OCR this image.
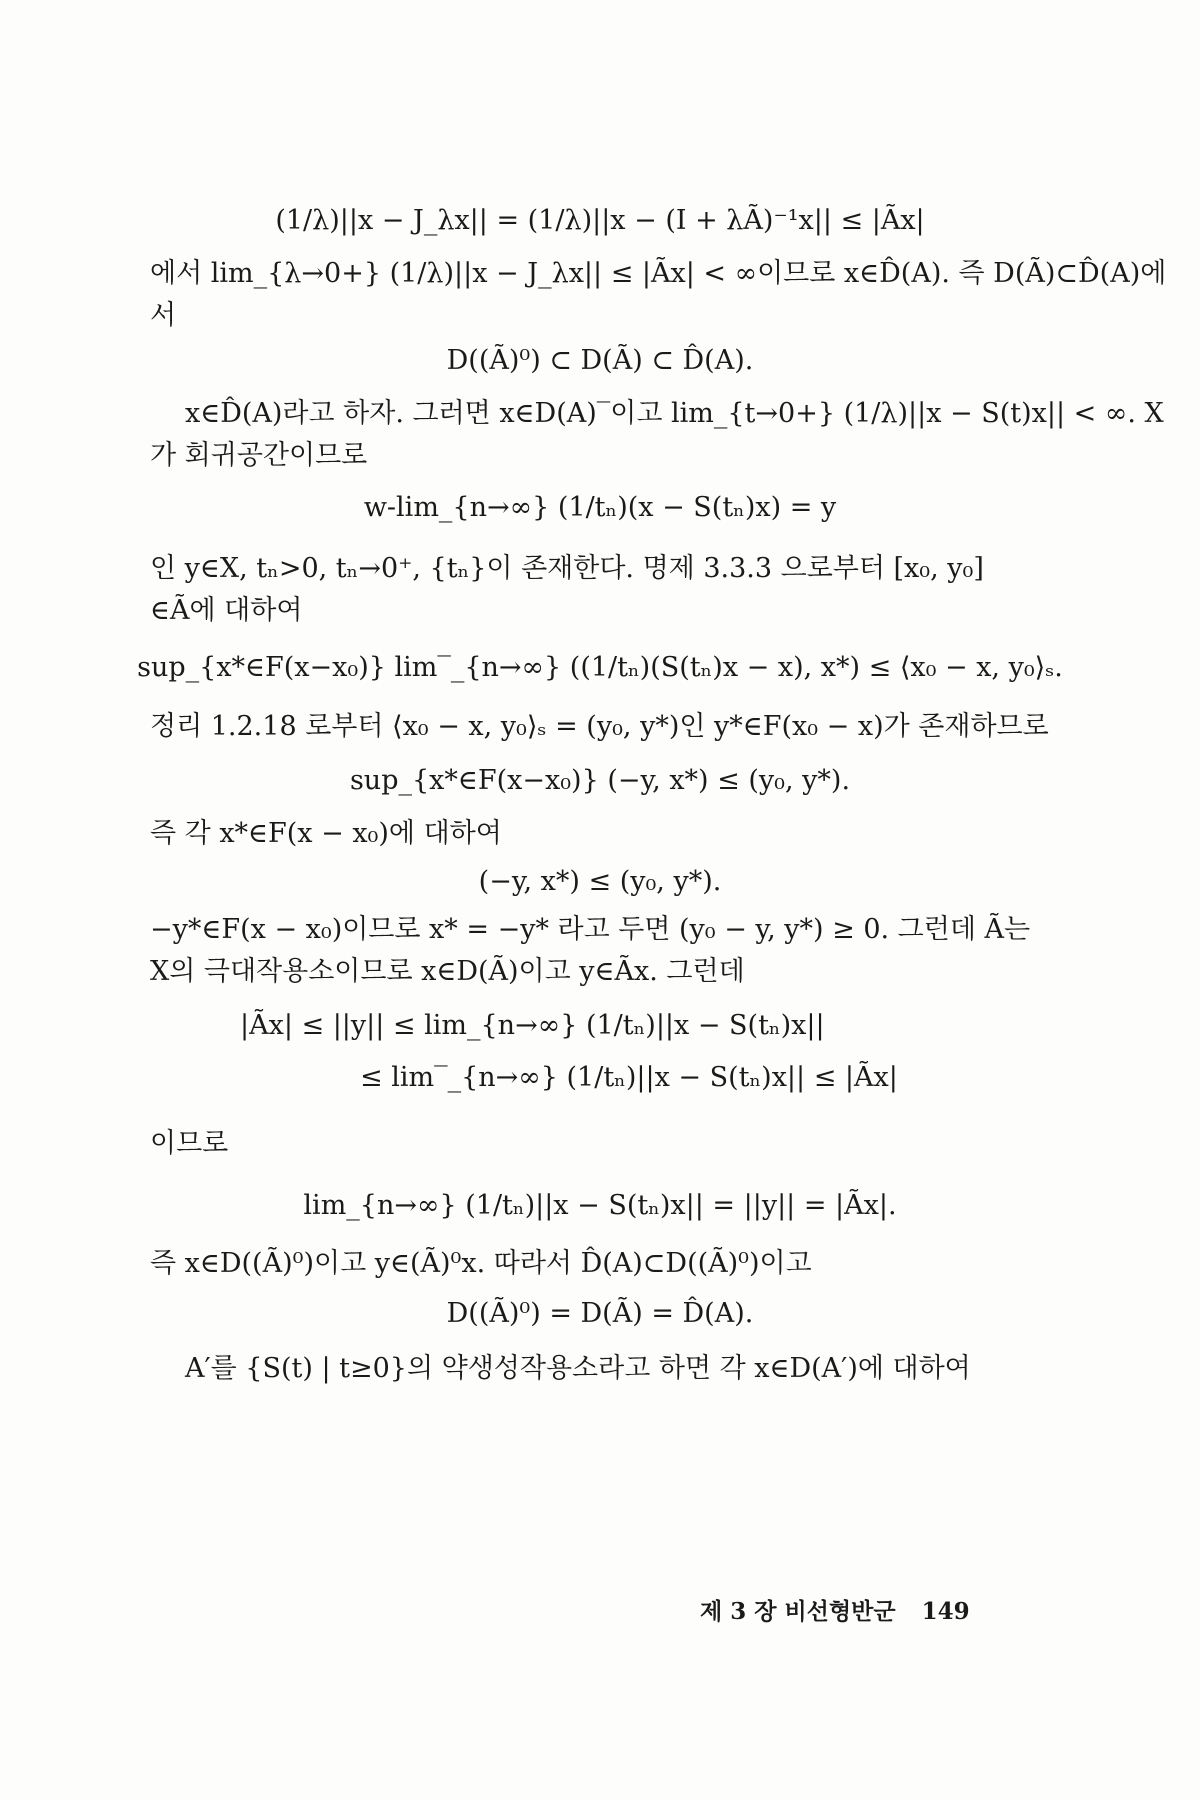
(1/λ)||x − J_λx|| = (1/λ)||x − (I + λÃ)⁻¹x|| ≤ |Ãx|
에서 lim_{λ→0+} (1/λ)||x − J_λx|| ≤ |Ãx| < ∞이므로 x∈D̂(A). 즉 D(Ã)⊂D̂(A)에
서
D((Ã)⁰) ⊂ D(Ã) ⊂ D̂(A).
x∈D̂(A)라고 하자. 그러면 x∈D(A)‾이고 lim_{t→0+} (1/λ)||x − S(t)x|| < ∞. X
가 회귀공간이므로
w-lim_{n→∞} (1/tₙ)(x − S(tₙ)x) = y
인 y∈X, tₙ>0, tₙ→0⁺, {tₙ}이 존재한다. 명제 3.3.3 으로부터 [x₀, y₀]
∈Ã에 대하여
sup_{x*∈F(x−x₀)} lim‾_{n→∞} ((1/tₙ)(S(tₙ)x − x), x*) ≤ ⟨x₀ − x, y₀⟩ₛ.
정리 1.2.18 로부터 ⟨x₀ − x, y₀⟩ₛ = (y₀, y*)인 y*∈F(x₀ − x)가 존재하므로
sup_{x*∈F(x−x₀)} (−y, x*) ≤ (y₀, y*).
즉 각 x*∈F(x − x₀)에 대하여
(−y, x*) ≤ (y₀, y*).
−y*∈F(x − x₀)이므로 x* = −y* 라고 두면 (y₀ − y, y*) ≥ 0. 그런데 Ã는
X의 극대작용소이므로 x∈D(Ã)이고 y∈Ãx. 그런데
|Ãx| ≤ ||y|| ≤ lim_{n→∞} (1/tₙ)||x − S(tₙ)x||
≤ lim‾_{n→∞} (1/tₙ)||x − S(tₙ)x|| ≤ |Ãx|
이므로
lim_{n→∞} (1/tₙ)||x − S(tₙ)x|| = ||y|| = |Ãx|.
즉 x∈D((Ã)⁰)이고 y∈(Ã)⁰x. 따라서 D̂(A)⊂D((Ã)⁰)이고
D((Ã)⁰) = D(Ã) = D̂(A).
A′를 {S(t) | t≥0}의 약생성작용소라고 하면 각 x∈D(A′)에 대하여
제 3 장 비선형반군 149
